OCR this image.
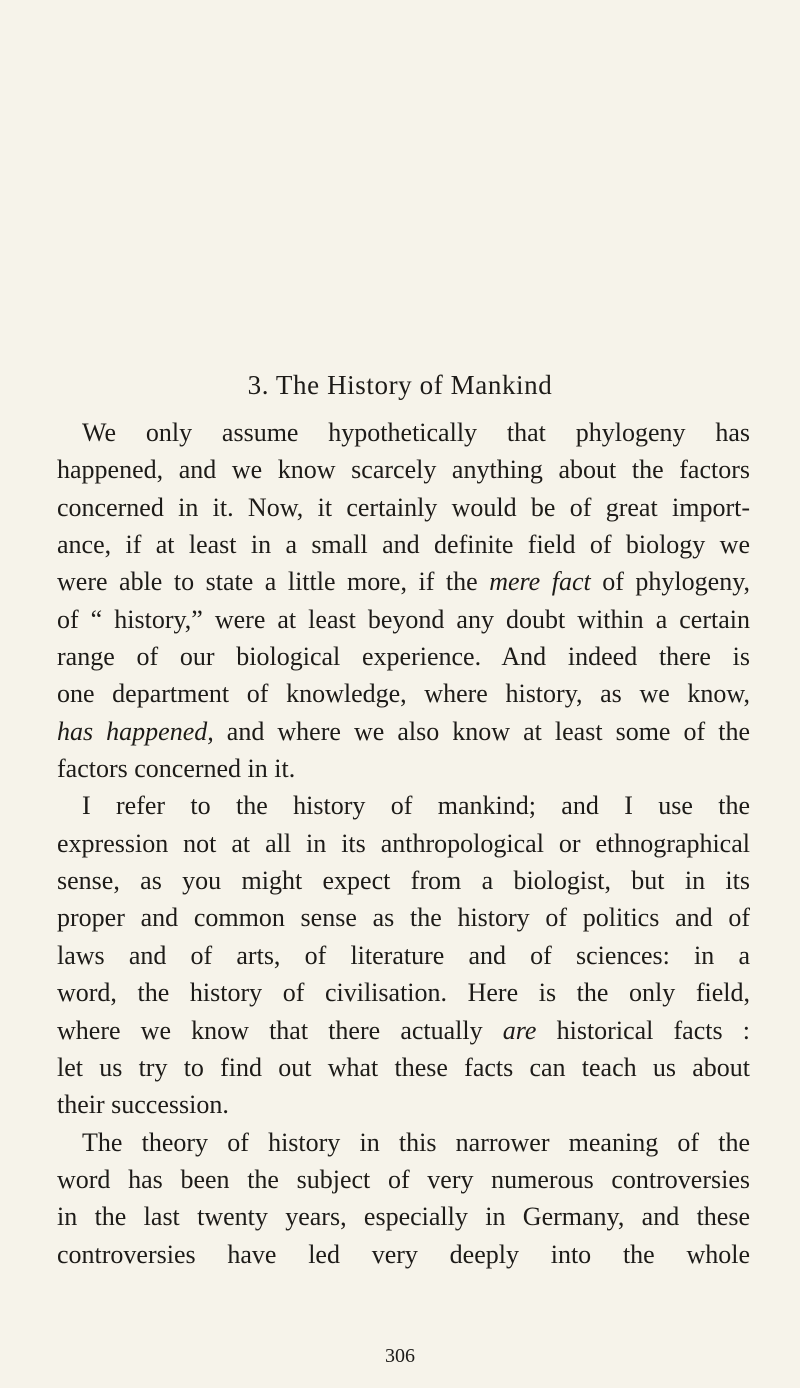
3. The History of Mankind
We only assume hypothetically that phylogeny has
happened, and we know scarcely anything about the factors
concerned in it. Now, it certainly would be of great import-
ance, if at least in a small and definite field of biology we
were able to state a little more, if the mere fact of phylogeny,
of “ history,” were at least beyond any doubt within a certain
range of our biological experience. And indeed there is
one department of knowledge, where history, as we know,
has happened, and where we also know at least some of the
factors concerned in it.
I refer to the history of mankind; and I use the
expression not at all in its anthropological or ethnographical
sense, as you might expect from a biologist, but in its
proper and common sense as the history of politics and of
laws and of arts, of literature and of sciences: in a
word, the history of civilisation. Here is the only field,
where we know that there actually are historical facts :
let us try to find out what these facts can teach us about
their succession.
The theory of history in this narrower meaning of the
word has been the subject of very numerous controversies
in the last twenty years, especially in Germany, and these
controversies have led very deeply into the whole
306
